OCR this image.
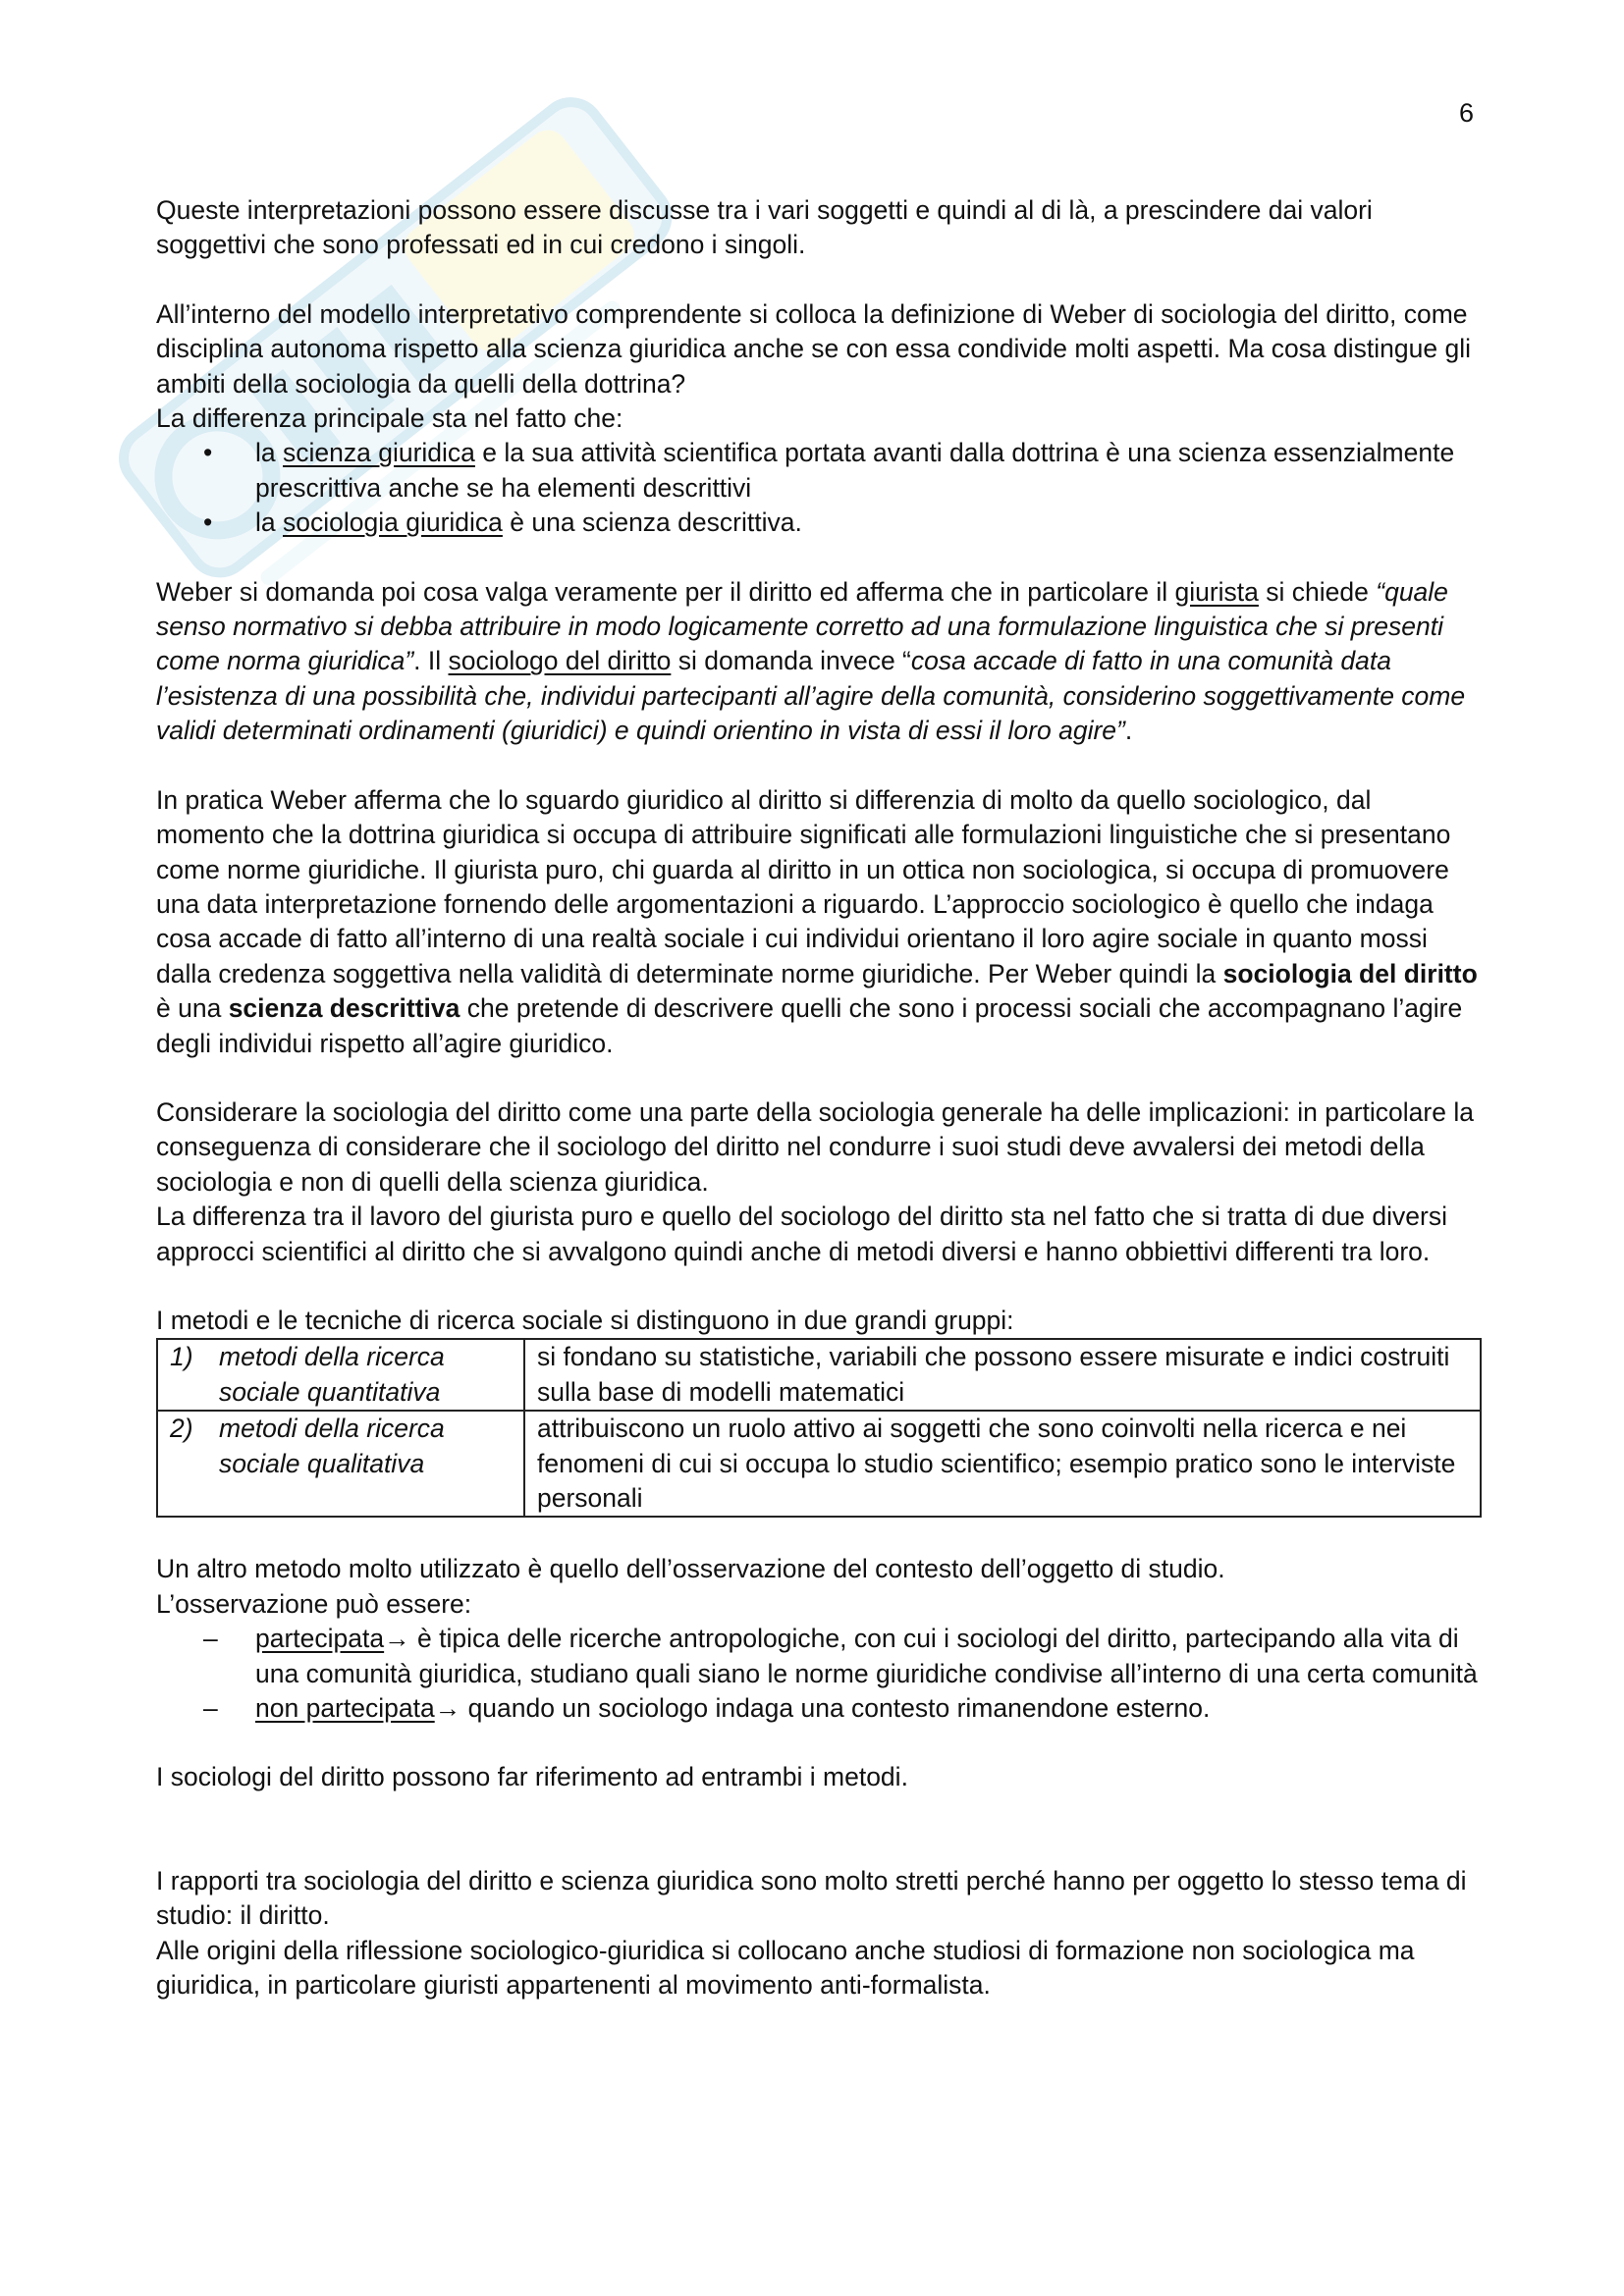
6

Queste interpretazioni possono essere discusse tra i vari soggetti e quindi al di là, a prescindere dai valori soggettivi che sono professati ed in cui credono i singoli.

All’interno del modello interpretativo comprendente si colloca la definizione di Weber di sociologia del diritto, come disciplina autonoma rispetto alla scienza giuridica anche se con essa condivide molti aspetti. Ma cosa distingue gli ambiti della sociologia da quelli della dottrina?

La differenza principale sta nel fatto che:

• la scienza giuridica e la sua attività scientifica portata avanti dalla dottrina è una scienza essenzialmente prescrittiva anche se ha elementi descrittivi
• la sociologia giuridica è una scienza descrittiva.

Weber si domanda poi cosa valga veramente per il diritto ed afferma che in particolare il giurista si chiede “quale senso normativo si debba attribuire in modo logicamente corretto ad una formulazione linguistica che si presenti come norma giuridica”. Il sociologo del diritto si domanda invece “cosa accade di fatto in una comunità data l’esistenza di una possibilità che, individui partecipanti all’agire della comunità, considerino soggettivamente come validi determinati ordinamenti (giuridici) e quindi orientino in vista di essi il loro agire”.

In pratica Weber afferma che lo sguardo giuridico al diritto si differenzia di molto da quello sociologico, dal momento che la dottrina giuridica si occupa di attribuire significati alle formulazioni linguistiche che si presentano come norme giuridiche. Il giurista puro, chi guarda al diritto in un ottica non sociologica, si occupa di promuovere una data interpretazione fornendo delle argomentazioni a riguardo. L’approccio sociologico è quello che indaga cosa accade di fatto all’interno di una realtà sociale i cui individui orientano il loro agire sociale in quanto mossi dalla credenza soggettiva nella validità di determinate norme giuridiche. Per Weber quindi la sociologia del diritto è una scienza descrittiva che pretende di descrivere quelli che sono i processi sociali che accompagnano l’agire degli individui rispetto all’agire giuridico.

Considerare la sociologia del diritto come una parte della sociologia generale ha delle implicazioni: in particolare la conseguenza di considerare che il sociologo del diritto nel condurre i suoi studi deve avvalersi dei metodi della sociologia e non di quelli della scienza giuridica.

La differenza tra il lavoro del giurista puro e quello del sociologo del diritto sta nel fatto che si tratta di due diversi approcci scientifici al diritto che si avvalgono quindi anche di metodi diversi e hanno obbiettivi differenti tra loro.

I metodi e le tecniche di ricerca sociale si distinguono in due grandi gruppi:

1) metodi della ricerca
sociale quantitativa	si fondano su statistiche, variabili che possono essere misurate e indici costruiti sulla base di modelli matematici
2) metodi della ricerca
sociale qualitativa	attribuiscono un ruolo attivo ai soggetti che sono coinvolti nella ricerca e nei fenomeni di cui si occupa lo studio scientifico; esempio pratico sono le interviste personali

Un altro metodo molto utilizzato è quello dell’osservazione del contesto dell’oggetto di studio.

L’osservazione può essere:

– partecipata→ è tipica delle ricerche antropologiche, con cui i sociologi del diritto, partecipando alla vita di una comunità giuridica, studiano quali siano le norme giuridiche condivise all’interno di una certa comunità
– non partecipata→ quando un sociologo indaga una contesto rimanendone esterno.

I sociologi del diritto possono far riferimento ad entrambi i metodi.

I rapporti tra sociologia del diritto e scienza giuridica sono molto stretti perché hanno per oggetto lo stesso tema di studio: il diritto.

Alle origini della riflessione sociologico-giuridica si collocano anche studiosi di formazione non sociologica ma giuridica, in particolare giuristi appartenenti al movimento anti-formalista.
